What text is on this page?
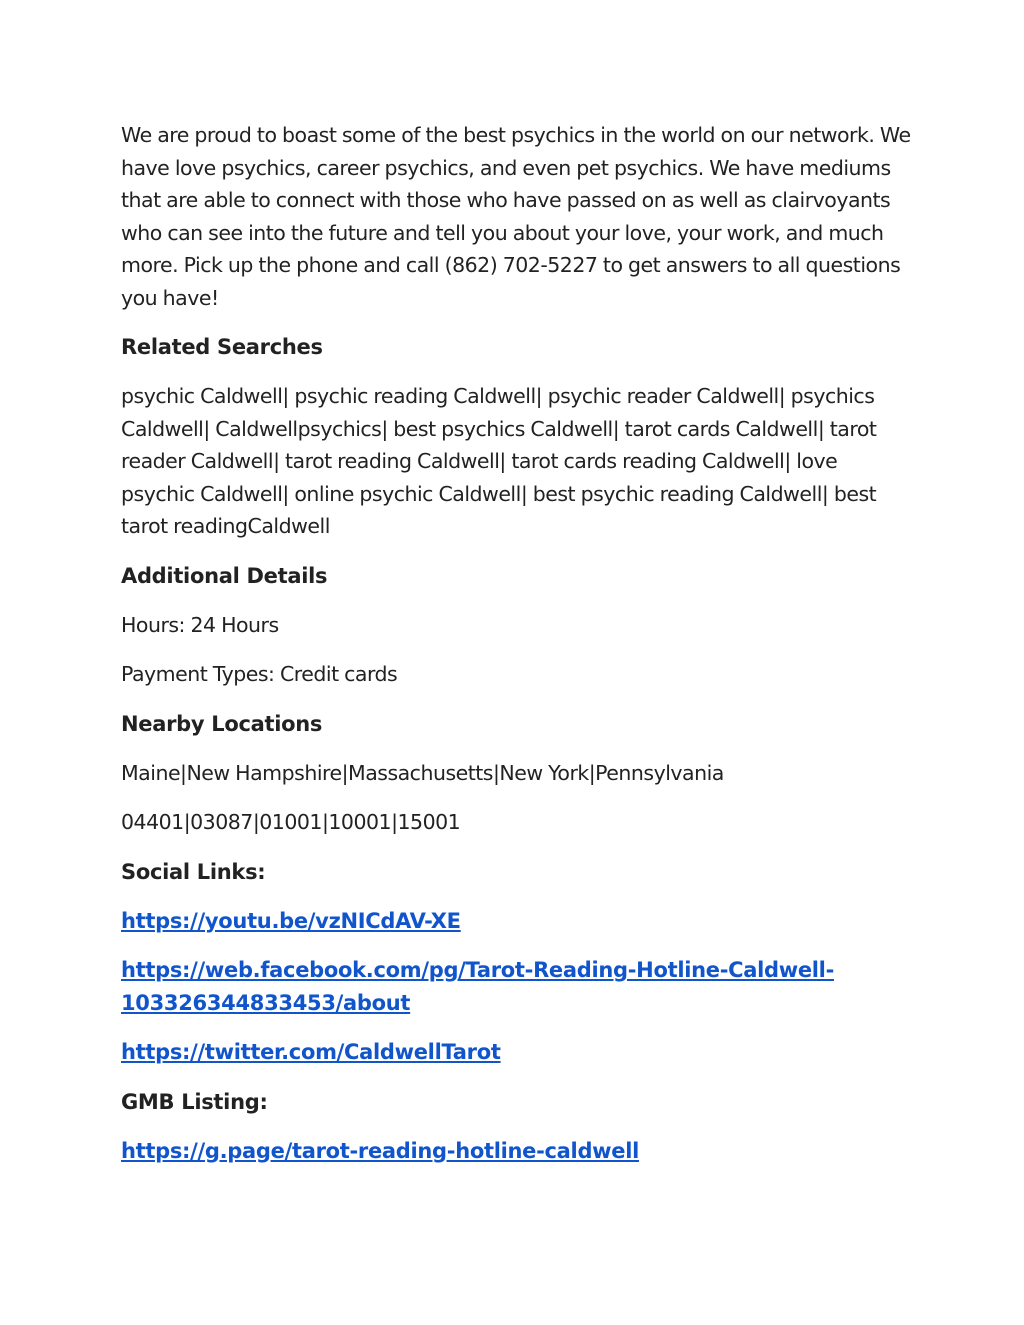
We are proud to boast some of the best psychics in the world on our network. We have love psychics, career psychics, and even pet psychics. We have mediums that are able to connect with those who have passed on as well as clairvoyants who can see into the future and tell you about your love, your work, and much more. Pick up the phone and call (862) 702-5227 to get answers to all questions you have!

Related Searches

psychic Caldwell| psychic reading Caldwell| psychic reader Caldwell| psychics Caldwell| Caldwellpsychics| best psychics Caldwell| tarot cards Caldwell| tarot reader Caldwell| tarot reading Caldwell| tarot cards reading Caldwell| love psychic Caldwell| online psychic Caldwell| best psychic reading Caldwell| best tarot readingCaldwell

Additional Details

Hours: 24 Hours

Payment Types: Credit cards

Nearby Locations

Maine|New Hampshire|Massachusetts|New York|Pennsylvania

04401|03087|01001|10001|15001

Social Links:

https://youtu.be/vzNICdAV-XE

https://web.facebook.com/pg/Tarot-Reading-Hotline-Caldwell-
103326344833453/about

https://twitter.com/CaldwellTarot

GMB Listing:

https://g.page/tarot-reading-hotline-caldwell
